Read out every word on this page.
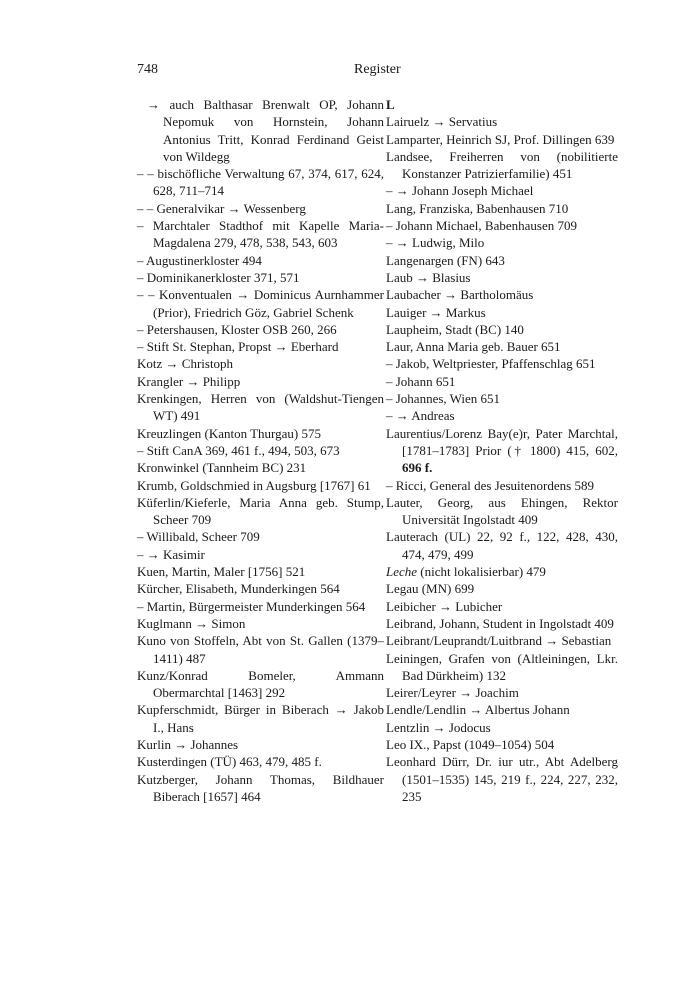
748	Register

→ auch Balthasar Brenwalt OP, Johann Nepomuk von Hornstein, Johann Antonius Tritt, Konrad Ferdinand Geist von Wildegg

– – bischöfliche Verwaltung 67, 374, 617, 624, 628, 711–714

– – Generalvikar → Wessenberg

– Marchtaler Stadthof mit Kapelle Maria-Magdalena 279, 478, 538, 543, 603

– Augustinerkloster 494

– Dominikanerkloster 371, 571

– – Konventualen → Dominicus Aurnhammer (Prior), Friedrich Göz, Gabriel Schenk

– Petershausen, Kloster OSB 260, 266

– Stift St. Stephan, Propst → Eberhard

Kotz → Christoph

Krangler → Philipp

Krenkingen, Herren von (Waldshut-Tiengen WT) 491

Kreuzlingen (Kanton Thurgau) 575

– Stift CanA 369, 461 f., 494, 503, 673

Kronwinkel (Tannheim BC) 231

Krumb, Goldschmied in Augsburg [1767] 61

Küferlin/Kieferle, Maria Anna geb. Stump, Scheer 709

– Willibald, Scheer 709

– → Kasimir

Kuen, Martin, Maler [1756] 521

Kürcher, Elisabeth, Munderkingen 564

– Martin, Bürgermeister Munderkingen 564

Kuglmann → Simon

Kuno von Stoffeln, Abt von St. Gallen (1379–1411) 487

Kunz/Konrad Bomeler, Ammann Obermarchtal [1463] 292

Kupferschmidt, Bürger in Biberach → Jakob I., Hans

Kurlin → Johannes

Kusterdingen (TÜ) 463, 479, 485 f.

Kutzberger, Johann Thomas, Bildhauer Biberach [1657] 464

L

Lairuelz → Servatius

Lamparter, Heinrich SJ, Prof. Dillingen 639

Landsee, Freiherren von (nobilitierte Konstanzer Patrizierfamilie) 451

– → Johann Joseph Michael

Lang, Franziska, Babenhausen 710

– Johann Michael, Babenhausen 709

– → Ludwig, Milo

Langenargen (FN) 643

Laub → Blasius

Laubacher → Bartholomäus

Lauiger → Markus

Laupheim, Stadt (BC) 140

Laur, Anna Maria geb. Bauer 651

– Jakob, Weltpriester, Pfaffenschlag 651

– Johann 651

– Johannes, Wien 651

– → Andreas

Laurentius/Lorenz Bay(e)r, Pater Marchtal, [1781–1783] Prior († 1800) 415, 602, 696 f.

– Ricci, General des Jesuitenordens 589

Lauter, Georg, aus Ehingen, Rektor Universität Ingolstadt 409

Lauterach (UL) 22, 92 f., 122, 428, 430, 474, 479, 499

Leche (nicht lokalisierbar) 479

Legau (MN) 699

Leibicher → Lubicher

Leibrand, Johann, Student in Ingolstadt 409

Leibrant/Leuprandt/Luitbrand → Sebastian

Leiningen, Grafen von (Altleiningen, Lkr. Bad Dürkheim) 132

Leirer/Leyrer → Joachim

Lendle/Lendlin → Albertus Johann

Lentzlin → Jodocus

Leo IX., Papst (1049–1054) 504

Leonhard Dürr, Dr. iur utr., Abt Adelberg (1501–1535) 145, 219 f., 224, 227, 232, 235
